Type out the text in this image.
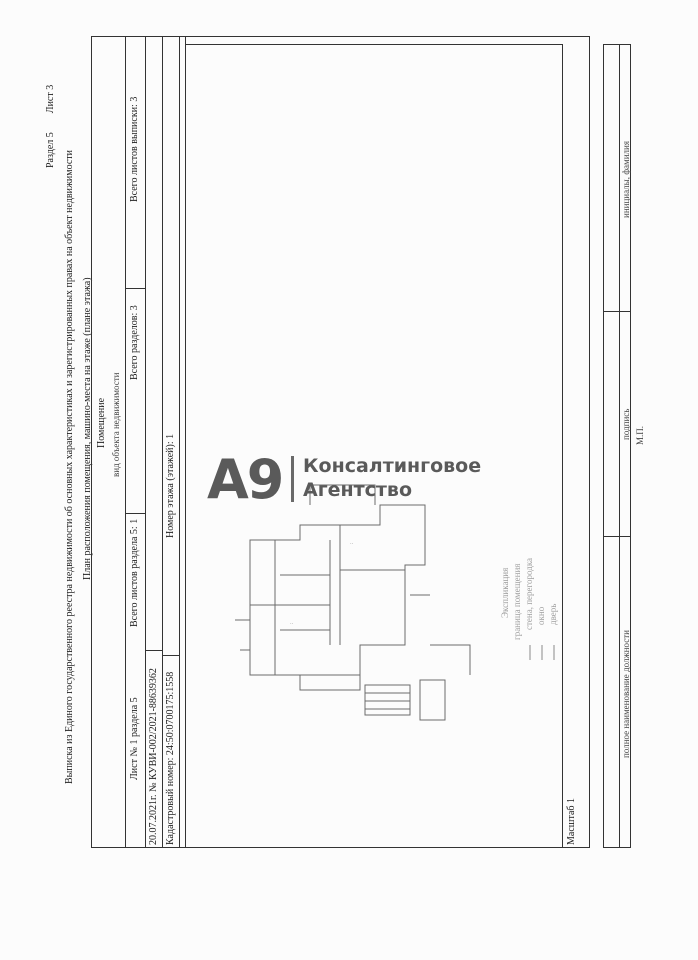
Раздел 5  Лист 3
Выписка из Единого государственного реестра недвижимости об основных характеристиках и зарегистрированных правах на объект недвижимости План расположения помещения, машино-места на этаже (плане этажа) Помещение вид объекта недвижимости
Лист № 1 раздела 5
Всего листов раздела 5: 1
Всего разделов: 3
Всего листов выписки: 3
20.07.2021г. № КУВИ-002/2021-88639362 Кадастровый номер: 24:50:0700175:1558
Номер этажа (этажей): 1
··
··
Экспликация граница помещения стена, перегородка окно дверь
А9 Консалтинговое
Агентство
Масштаб 1
полное наименование должности
подпись М.П.
инициалы, фамилия
